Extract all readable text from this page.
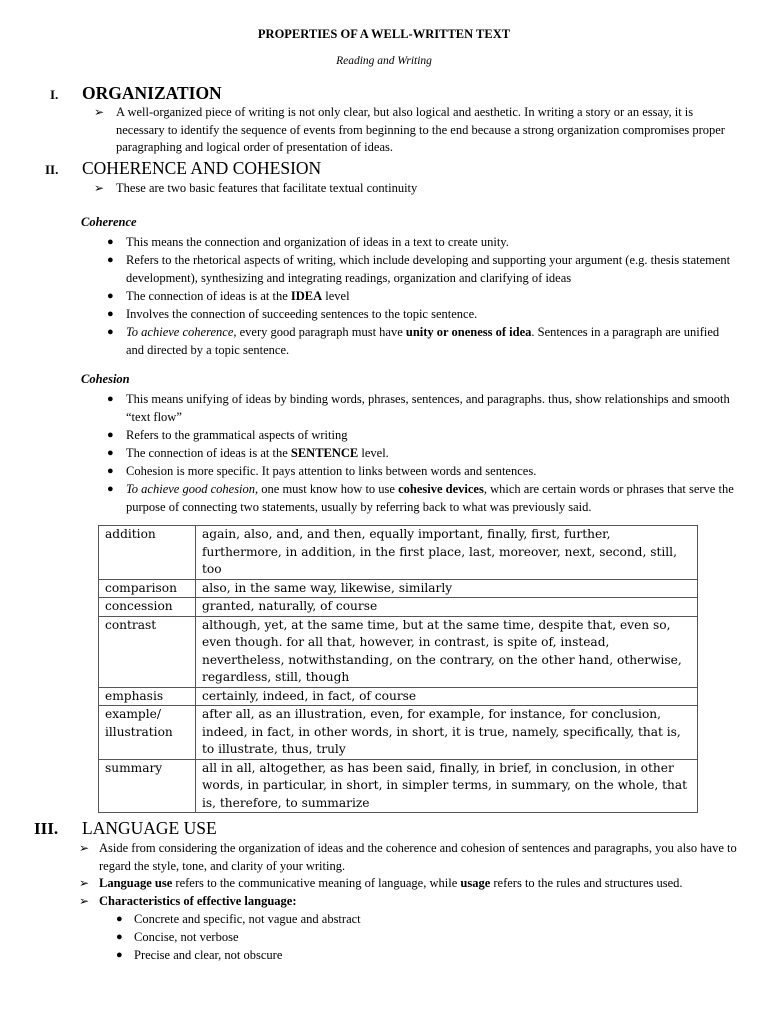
PROPERTIES OF A WELL-WRITTEN TEXT
Reading and Writing
I.	ORGANIZATION
➢ A well-organized piece of writing is not only clear, but also logical and aesthetic. In writing a story or an essay, it is necessary to identify the sequence of events from beginning to the end because a strong organization compromises proper paragraphing and logical order of presentation of ideas.
II.	COHERENCE AND COHESION
➢ These are two basic features that facilitate textual continuity
Coherence
● This means the connection and organization of ideas in a text to create unity.
● Refers to the rhetorical aspects of writing, which include developing and supporting your argument (e.g. thesis statement development), synthesizing and integrating readings, organization and clarifying of ideas
● The connection of ideas is at the IDEA level
● Involves the connection of succeeding sentences to the topic sentence.
● To achieve coherence, every good paragraph must have unity or oneness of idea. Sentences in a paragraph are unified and directed by a topic sentence.
Cohesion
● This means unifying of ideas by binding words, phrases, sentences, and paragraphs. thus, show relationships and smooth “text flow”
● Refers to the grammatical aspects of writing
● The connection of ideas is at the SENTENCE level.
● Cohesion is more specific. It pays attention to links between words and sentences.
● To achieve good cohesion, one must know how to use cohesive devices, which are certain words or phrases that serve the purpose of connecting two statements, usually by referring back to what was previously said.
addition	again, also, and, and then, equally important, finally, first, further, furthermore, in addition, in the first place, last, moreover, next, second, still, too
comparison	also, in the same way, likewise, similarly
concession	granted, naturally, of course
contrast	although, yet, at the same time, but at the same time, despite that, even so, even though. for all that, however, in contrast, is spite of, instead, nevertheless, notwithstanding, on the contrary, on the other hand, otherwise, regardless, still, though
emphasis	certainly, indeed, in fact, of course
example/ illustration	after all, as an illustration, even, for example, for instance, for conclusion, indeed, in fact, in other words, in short, it is true, namely, specifically, that is, to illustrate, thus, truly
summary	all in all, altogether, as has been said, finally, in brief, in conclusion, in other words, in particular, in short, in simpler terms, in summary, on the whole, that is, therefore, to summarize
III.	LANGUAGE USE
➢ Aside from considering the organization of ideas and the coherence and cohesion of sentences and paragraphs, you also have to regard the style, tone, and clarity of your writing.
➢ Language use refers to the communicative meaning of language, while usage refers to the rules and structures used.
➢ Characteristics of effective language:
● Concrete and specific, not vague and abstract
● Concise, not verbose
● Precise and clear, not obscure
